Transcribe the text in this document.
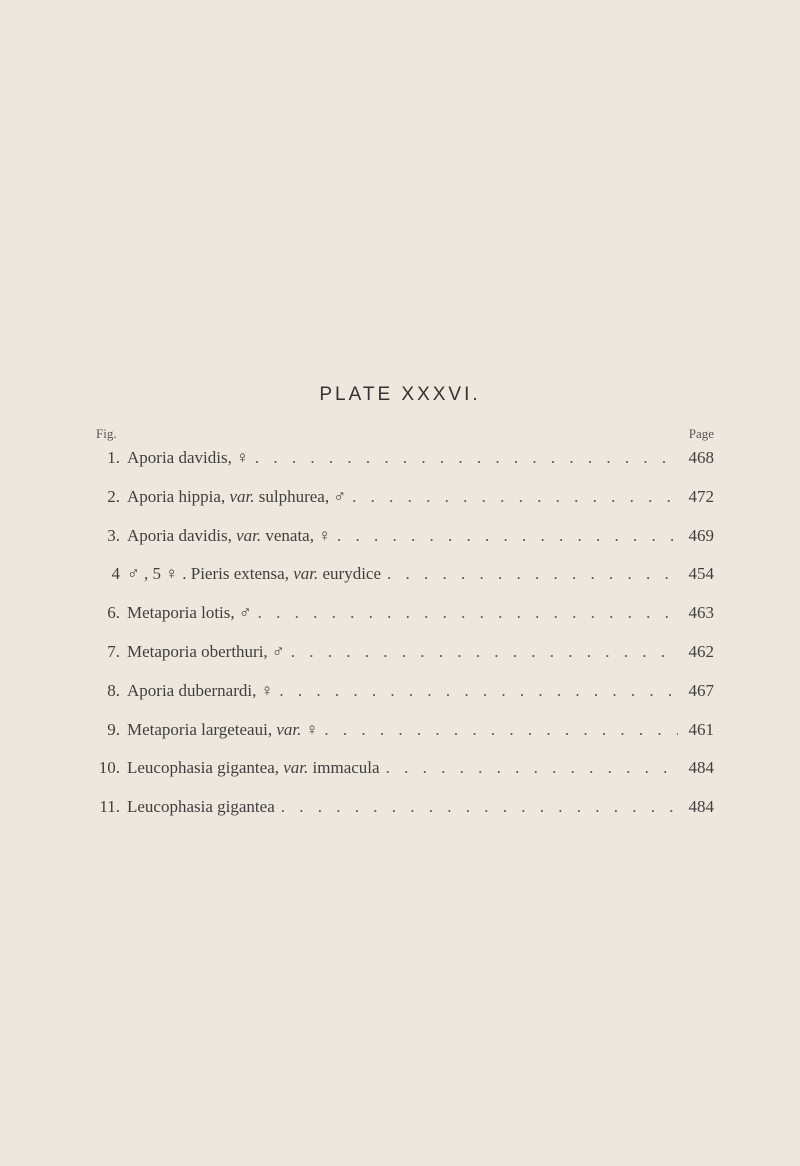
PLATE XXXVI.
Fig.	Page
1. Aporia davidis, ♀ . . .	468
2. Aporia hippia, var. sulphurea, ♂ . . .	472
3. Aporia davidis, var. venata, ♀ . . .	469
4 ♂ , 5 ♀ . Pieris extensa, var. eurydice . . .	454
6. Metaporia lotis, ♂ . . .	463
7. Metaporia oberthuri, ♂ . . .	462
8. Aporia dubernardi, ♀ . . .	467
9. Metaporia largeteaui, var. ♀ . . .	461
10. Leucophasia gigantea, var. immacula . . .	484
11. Leucophasia gigantea . . .	484
